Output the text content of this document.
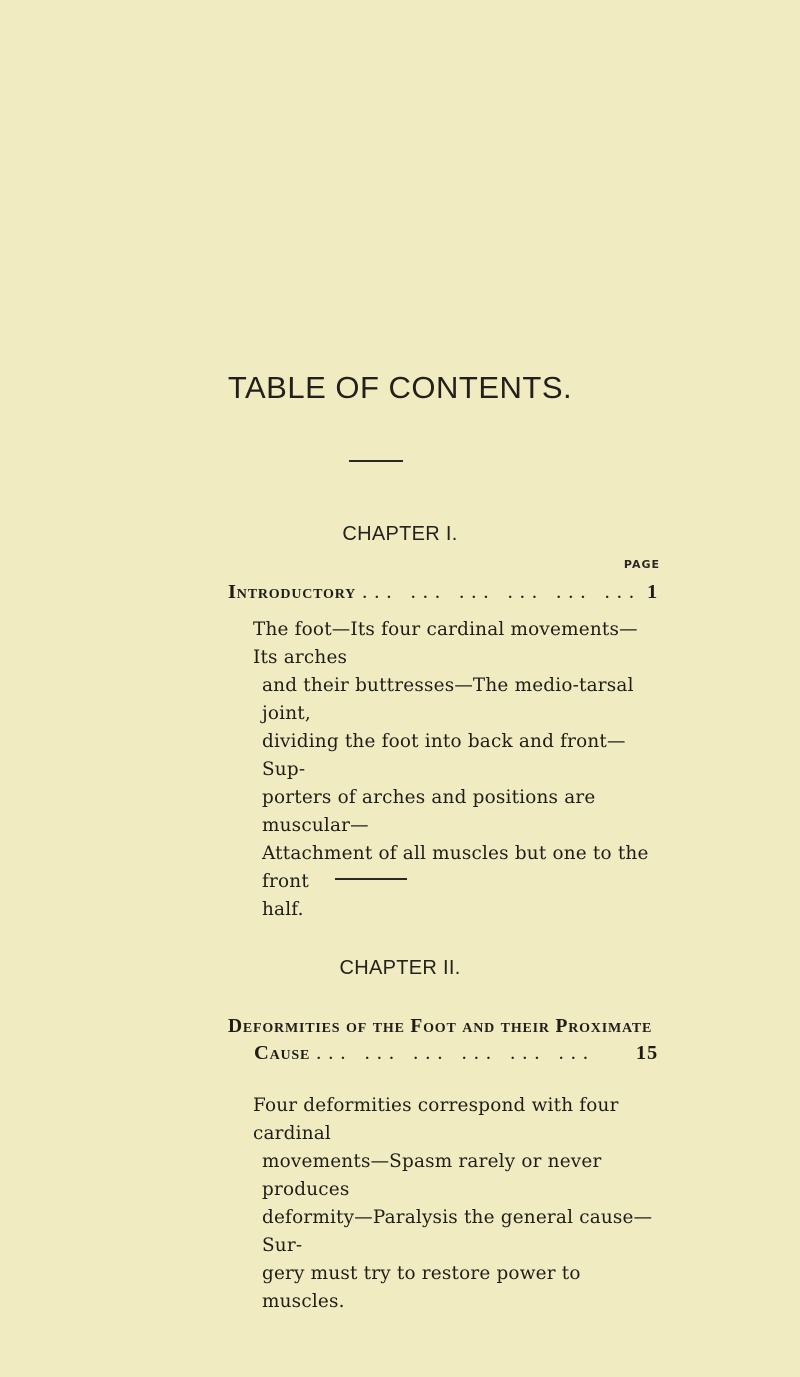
TABLE OF CONTENTS.
CHAPTER I.
PAGE
Introductory ... ... ... ... ... ... 1
The foot—Its four cardinal movements—Its arches
and their buttresses—The medio-tarsal joint,
dividing the foot into back and front—Sup-
porters of arches and positions are muscular—
Attachment of all muscles but one to the front
half.
CHAPTER II.
Deformities of the Foot and their Proximate
Cause ... ... ... ... ... ...	15
Four deformities correspond with four cardinal
movements—Spasm rarely or never produces
deformity—Paralysis the general cause—Sur-
gery must try to restore power to muscles.
